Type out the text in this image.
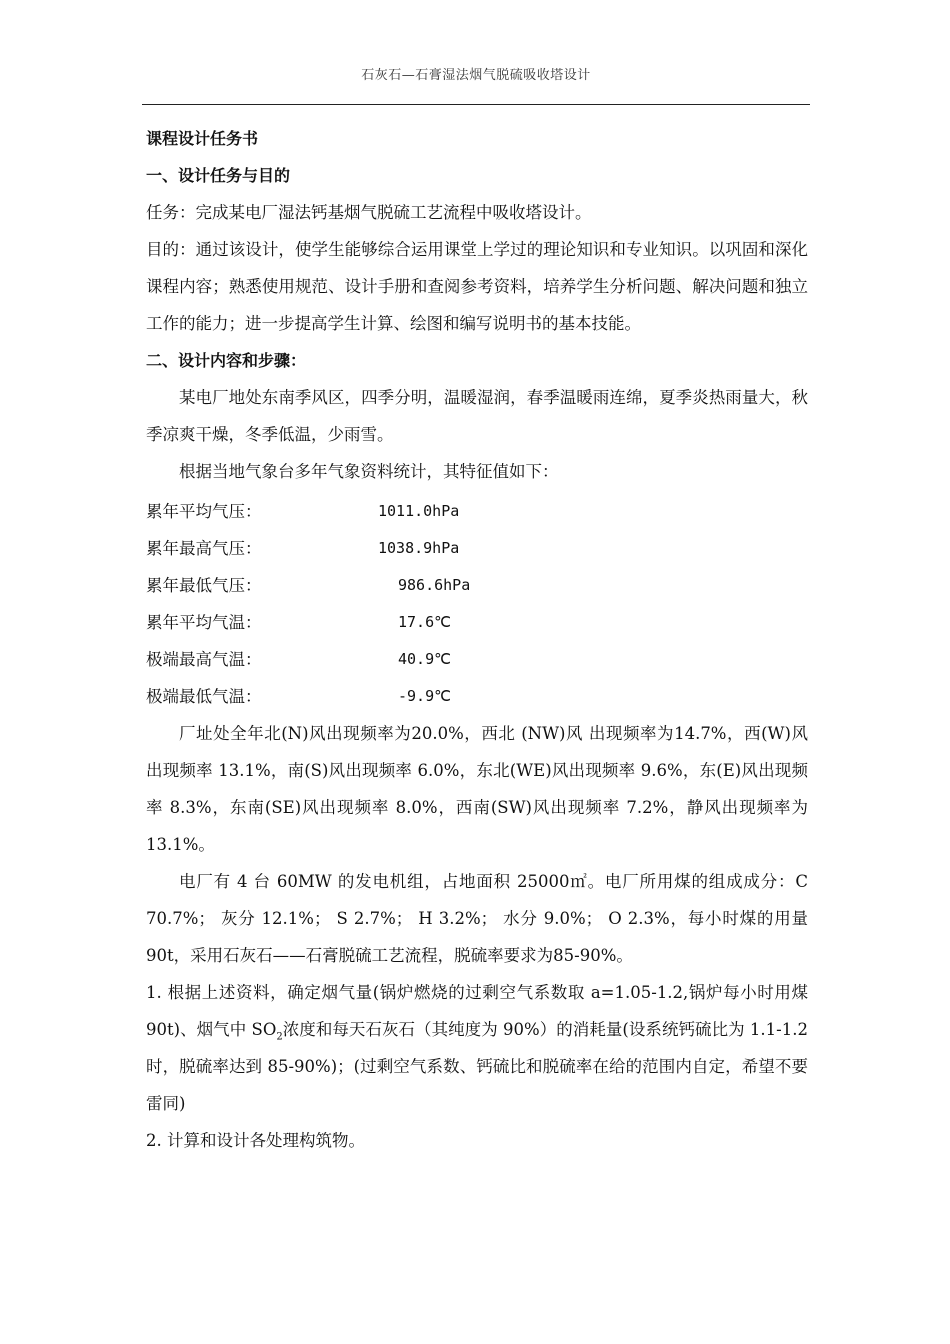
石灰石—石膏湿法烟气脱硫吸收塔设计

课程设计任务书

一、设计任务与目的

任务：完成某电厂湿法钙基烟气脱硫工艺流程中吸收塔设计。

目的：通过该设计，使学生能够综合运用课堂上学过的理论知识和专业知识。以巩固和深化课程内容；熟悉使用规范、设计手册和查阅参考资料，培养学生分析问题、解决问题和独立工作的能力；进一步提高学生计算、绘图和编写说明书的基本技能。

二、设计内容和步骤：

某电厂地处东南季风区，四季分明，温暖湿润，春季温暖雨连绵，夏季炎热雨量大，秋季凉爽干燥，冬季低温，少雨雪。

根据当地气象台多年气象资料统计，其特征值如下：

累年平均气压：	1011.0hPa
累年最高气压：	1038.9hPa
累年最低气压：	986.6hPa
累年平均气温：	17.6℃
极端最高气温：	40.9℃
极端最低气温：	-9.9℃

厂址处全年北(N)风出现频率为20.0%，西北 (NW)风 出现频率为14.7%，西(W)风出现频率 13.1%，南(S)风出现频率 6.0%，东北(WE)风出现频率 9.6%，东(E)风出现频率 8.3%，东南(SE)风出现频率 8.0%，西南(SW)风出现频率 7.2%，静风出现频率为13.1%。

电厂有 4 台 60MW 的发电机组，占地面积 25000㎡。电厂所用煤的组成成分：C 70.7%； 灰分 12.1%； S 2.7%； H 3.2%； 水分 9.0%； O 2.3%，每小时煤的用量90t，采用石灰石——石膏脱硫工艺流程，脱硫率要求为85-90%。

1. 根据上述资料，确定烟气量(锅炉燃烧的过剩空气系数取 a=1.05-1.2,锅炉每小时用煤 90t)、烟气中 $SO_2$浓度和每天石灰石（其纯度为 90%）的消耗量(设系统钙硫比为 1.1-1.2 时，脱硫率达到 85-90%)；(过剩空气系数、钙硫比和脱硫率在给的范围内自定，希望不要雷同)

2. 计算和设计各处理构筑物。
